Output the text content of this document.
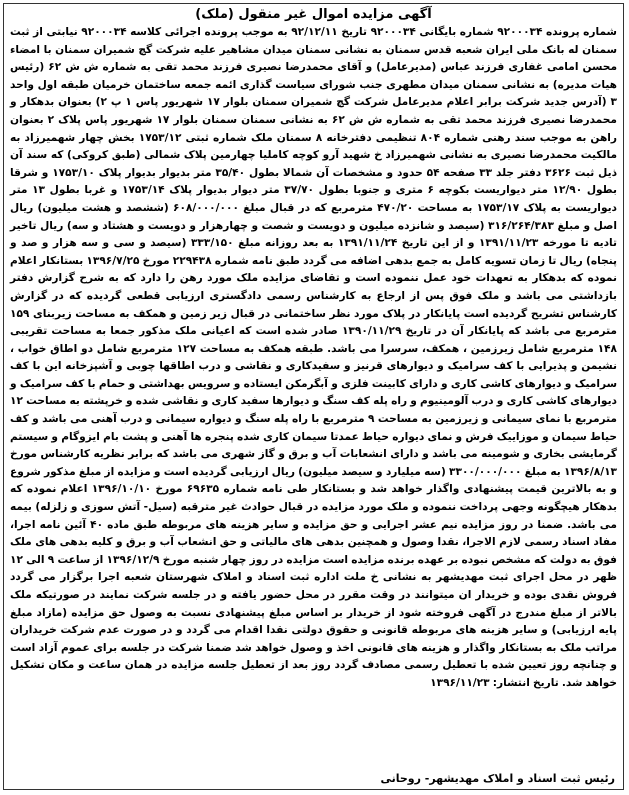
آگهی مزایده اموال غیر منقول (ملک)

شماره پرونده ۹۲۰۰۰۳۴ شماره بایگانی ۹۲۰۰۰۳۴ تاریخ ۹۲/۱۲/۱۱ به موجب پرونده اجرائی کلاسه ۹۲۰۰۰۳۴ نیابتی از ثبت سمنان له بانک ملی ایران شعبه قدس سمنان به نشانی سمنان میدان مشاهیر علیه شرکت گچ شمیران سمنان با امضاء محسن امامی غفاری فرزند عباس (مدیرعامل) و آقای محمدرضا نصیری فرزند محمد تقی به شماره ش ش ۶۲ (رئیس هیات مدیره) به نشانی سمنان میدان مطهری جنب شورای سیاست گذاری ائمه جمعه ساختمان خرمیان طبقه اول واحد ۳ (آدرس جدید شرکت برابر اعلام مدیرعامل شرکت گچ شمیران سمنان بلوار ۱۷ شهریور پاس ۱ پ ۲) بعنوان بدهکار و محمدرضا نصیری فرزند محمد تقی به شماره ش ش ۶۲ به نشانی سمنان سمنان بلوار ۱۷ شهریور پاس پلاک ۲ بعنوان راهن به موجب سند رهنی شماره ۸۰۴ تنظیمی دفترخانه ۸ سمنان ملک شماره ثبتی ۱۷۵۳/۱۲ بخش چهار شهمیرزاد به مالکیت محمدرضا نصیری به نشانی شهمیرزاد خ شهید آرو کوچه کاملیا چهارمین پلاک شمالی (طبق کروکی) که سند آن ذیل ثبت ۳۶۲۶ دفتر جلد ۳۳ صفحه ۵۴ حدود و مشخصات آن شمالا بطول ۳۵/۴۰ متر بدیوار بدیوار پلاک ۱۷۵۳/۱۰ و شرقا بطول ۱۲/۹۰ متر دیواریست بکوچه ۶ متری و جنوبا بطول ۳۷/۷۰ متر دیوار بدیوار پلاک ۱۷۵۳/۱۴ و غربا بطول ۱۳ متر دیواریست به پلاک ۱۷۵۳/۱۷ به مساحت ۴۷۰/۲۰ مترمربع که در قبال مبلغ ۶۰۸/۰۰۰/۰۰۰ (ششصد و هشت میلیون) ریال اصل و مبلغ ۳۱۶/۲۶۴/۳۸۳ (سیصد و شانزده میلیون و دویست و شصت و چهارهزار و دویست و هشتاد و سه) ریال تاخیر تادیه تا مورخه ۱۳۹۱/۱۱/۲۳ و از این تاریخ ۱۳۹۱/۱۱/۲۴ به بعد روزانه مبلغ ۳۳۳/۱۵۰ (سیصد و سی و سه هزار و صد و پنجاه) ریال تا زمان تسویه کامل به جمع بدهی اضافه می گردد طبق نامه شماره ۲۲۹۴۳۸ مورخ ۱۳۹۶/۷/۲۵ بستانکار اعلام نموده که بدهکار به تعهدات خود عمل ننموده است و تقاضای مزایده ملک مورد رهن را دارد که به شرح گزارش دفتر بازداشتی می باشد و ملک فوق پس از ارجاع به کارشناس رسمی دادگستری ارزیابی قطعی گردیده که در گزارش کارشناس تشریح گردیده است پایانکار در پلاک مورد نظر ساختمانی در قبال زیر زمین و همکف به مساحت زیربنای ۱۵۹ مترمربع می باشد که پایانکار آن در تاریخ ۱۳۹۰/۱۱/۲۹ صادر شده است که اعیانی ملک مذکور جمعا به مساحت تقریبی ۱۴۸ مترمربع شامل زیرزمین ، همکف، سرسرا می باشد. طبقه همکف به مساحت ۱۲۷ مترمربع شامل دو اطاق خواب ، نشیمن و پذیرایی با کف سرامیک و دیوارهای قرنیز و سفیدکاری و نقاشی و درب اطاقها چوبی و آشپزخانه این با کف سرامیک و دیوارهای کاشی کاری و دارای کابینت فلزی و آبگرمکن ایستاده و سرویس بهداشتی و حمام با کف سرامیک و دیوارهای کاشی کاری و درب آلومینیوم و راه پله کف سنگ و دیوارها سفید کاری و نقاشی شده و خرپشته به مساحت ۱۲ مترمربع با نمای سیمانی و زیرزمین به مساحت ۹ مترمربع با راه پله سنگ و دیواره سیمانی و درب آهنی می باشد و کف حیاط سیمان و موزاییک فرش و نمای دیواره حیاط عمدتا سیمان کاری شده پنجره ها آهنی و پشت بام ایزوگام و سیستم گرمایشی بخاری و شومینه می باشد و دارای انشعابات آب و برق و گاز شهری می باشد که برابر نظریه کارشناس مورخ ۱۳۹۶/۸/۱۳ به مبلغ ۳۳۰۰/۰۰۰/۰۰۰ (سه میلیارد و سیصد میلیون) ریال ارزیابی گردیده است و مزایده از مبلغ مذکور شروع و به بالاترین قیمت پیشنهادی واگذار خواهد شد و بستانکار طی نامه شماره ۶۹۶۳۵ مورخ ۱۳۹۶/۱۰/۱۰ اعلام نموده که بدهکار هیچگونه وجهی پرداخت ننموده و ملک مورد مزایده در قبال حوادث غیر مترقبه (سیل- آتش سوزی و زلزله) بیمه می باشد. ضمنا در روز مزایده نیم عشر اجرایی و حق مزایده و سایر هزینه های مربوطه طبق ماده ۴۰ آئین نامه اجرا، مفاد اسناد رسمی لازم الاجرا، نقدا وصول و همچنین بدهی های مالیاتی و حق انشعاب آب و برق و کلیه بدهی های ملک فوق به دولت که مشخص نبوده بر عهده برنده مزایده است مزایده در روز چهار شنبه مورخ ۱۳۹۶/۱۲/۹ از ساعت ۹ الی ۱۲ ظهر در محل اجرای ثبت مهدیشهر به نشانی خ ملت اداره ثبت اسناد و املاک شهرستان شعبه اجرا برگزار می گردد فروش نقدی بوده و خریدار ان میتوانند در وقت مقرر در محل حضور یافته و در جلسه شرکت نمایند در صورتیکه ملک بالاتر از مبلغ مندرج در آگهی فروخته شود از خریدار بر اساس مبلغ پیشنهادی نسبت به وصول حق مزایده (مازاد مبلغ پایه ارزیابی) و سایر هزینه های مربوطه قانونی و حقوق دولتی نقدا اقدام می گردد و در صورت عدم شرکت خریداران مراتب ملک به بستانکار واگذار و هزینه های قانونی اخذ و وصول خواهد شد ضمنا شرکت در جلسه برای عموم آزاد است و چنانچه روز تعیین شده با تعطیل رسمی مصادف گردد روز بعد از تعطیل جلسه مزایده در همان ساعت و مکان تشکیل خواهد شد. تاریخ انتشار: ۱۳۹۶/۱۱/۲۳

رئیس ثبت اسناد و املاک مهدیشهر- روحانی
